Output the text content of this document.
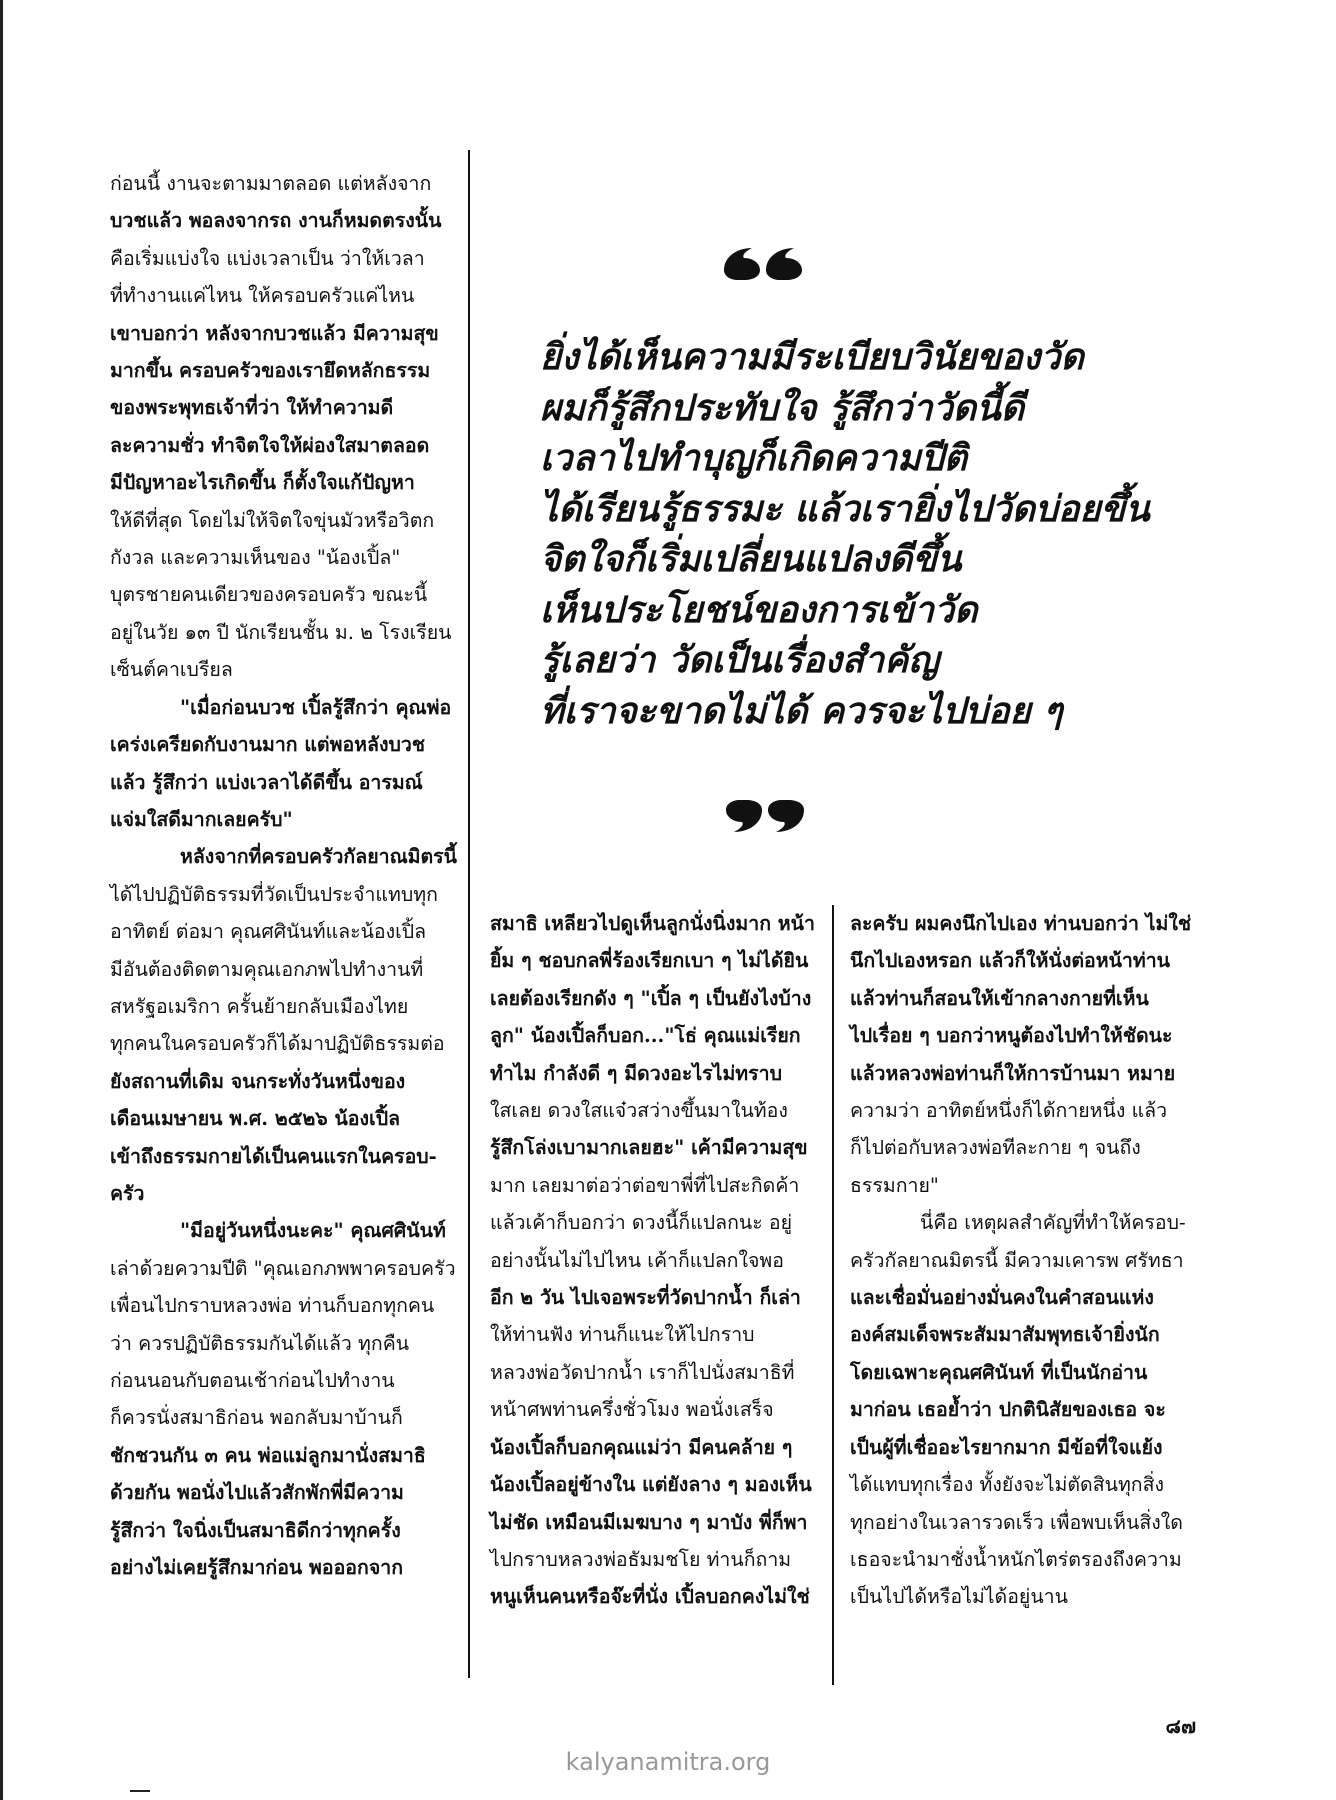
ก่อนนี้ งานจะตามมาตลอด แต่หลังจาก
บวชแล้ว พอลงจากรถ งานก็หมดตรงนั้น
คือเริ่มแบ่งใจ แบ่งเวลาเป็น ว่าให้เวลา
ที่ทำงานแค่ไหน ให้ครอบครัวแค่ไหน
เขาบอกว่า หลังจากบวชแล้ว มีความสุข
มากขึ้น ครอบครัวของเรายึดหลักธรรม
ของพระพุทธเจ้าที่ว่า ให้ทำความดี
ละความชั่ว ทำจิตใจให้ผ่องใสมาตลอด
มีปัญหาอะไรเกิดขึ้น ก็ตั้งใจแก้ปัญหา
ให้ดีที่สุด โดยไม่ให้จิตใจขุ่นมัวหรือวิตก
กังวล และความเห็นของ "น้องเปิ้ล"
บุตรชายคนเดียวของครอบครัว ขณะนี้
อยู่ในวัย ๑๓ ปี นักเรียนชั้น ม. ๒ โรงเรียน
เซ็นต์คาเบรียล
"เมื่อก่อนบวช เปิ้ลรู้สึกว่า คุณพ่อ
เคร่งเครียดกับงานมาก แต่พอหลังบวช
แล้ว รู้สึกว่า แบ่งเวลาได้ดีขึ้น อารมณ์
แจ่มใสดีมากเลยครับ"
หลังจากที่ครอบครัวกัลยาณมิตรนี้
ได้ไปปฏิบัติธรรมที่วัดเป็นประจำแทบทุก
อาทิตย์ ต่อมา คุณศศินันท์และน้องเปิ้ล
มีอันต้องติดตามคุณเอกภพไปทำงานที่
สหรัฐอเมริกา ครั้นย้ายกลับเมืองไทย
ทุกคนในครอบครัวก็ได้มาปฏิบัติธรรมต่อ
ยังสถานที่เดิม จนกระทั่งวันหนึ่งของ
เดือนเมษายน พ.ศ. ๒๕๒๖ น้องเปิ้ล
เข้าถึงธรรมกายได้เป็นคนแรกในครอบ-
ครัว
"มีอยู่วันหนึ่งนะคะ" คุณศศินันท์
เล่าด้วยความปีติ "คุณเอกภพพาครอบครัว
เพื่อนไปกราบหลวงพ่อ ท่านก็บอกทุกคน
ว่า ควรปฏิบัติธรรมกันได้แล้ว ทุกคืน
ก่อนนอนกับตอนเช้าก่อนไปทำงาน
ก็ควรนั่งสมาธิก่อน พอกลับมาบ้านก็
ชักชวนกัน ๓ คน พ่อแม่ลูกมานั่งสมาธิ
ด้วยกัน พอนั่งไปแล้วสักพักพี่มีความ
รู้สึกว่า ใจนิ่งเป็นสมาธิดีกว่าทุกครั้ง
อย่างไม่เคยรู้สึกมาก่อน พอออกจาก
ยิ่งได้เห็นความมีระเบียบวินัยของวัด
ผมก็รู้สึกประทับใจ รู้สึกว่าวัดนี้ดี
เวลาไปทำบุญก็เกิดความปีติ
ได้เรียนรู้ธรรมะ แล้วเรายิ่งไปวัดบ่อยขึ้น
จิตใจก็เริ่มเปลี่ยนแปลงดีขึ้น
เห็นประโยชน์ของการเข้าวัด
รู้เลยว่า วัดเป็นเรื่องสำคัญ
ที่เราจะขาดไม่ได้ ควรจะไปบ่อย ๆ
สมาธิ เหลียวไปดูเห็นลูกนั่งนิ่งมาก หน้า
ยิ้ม ๆ ชอบกลพี่ร้องเรียกเบา ๆ ไม่ได้ยิน
เลยต้องเรียกดัง ๆ "เปิ้ล ๆ เป็นยังไงบ้าง
ลูก" น้องเปิ้ลก็บอก..."โธ่ คุณแม่เรียก
ทำไม กำลังดี ๆ มีดวงอะไรไม่ทราบ
ใสเลย ดวงใสแจ๋วสว่างขึ้นมาในท้อง
รู้สึกโล่งเบามากเลยฮะ" เค้ามีความสุข
มาก เลยมาต่อว่าต่อขาพี่ที่ไปสะกิดค้า
แล้วเค้าก็บอกว่า ดวงนี้ก็แปลกนะ อยู่
อย่างนั้นไม่ไปไหน เค้าก็แปลกใจพอ
อีก ๒ วัน ไปเจอพระที่วัดปากน้ำ ก็เล่า
ให้ท่านฟัง ท่านก็แนะให้ไปกราบ
หลวงพ่อวัดปากน้ำ เราก็ไปนั่งสมาธิที่
หน้าศพท่านครึ่งชั่วโมง พอนั่งเสร็จ
น้องเปิ้ลก็บอกคุณแม่ว่า มีคนคล้าย ๆ
น้องเปิ้ลอยู่ข้างใน แต่ยังลาง ๆ มองเห็น
ไม่ชัด เหมือนมีเมฆบาง ๆ มาบัง พี่ก็พา
ไปกราบหลวงพ่อธัมมชโย ท่านก็ถาม
หนูเห็นคนหรือจ๊ะที่นั่ง เปิ้ลบอกคงไม่ใช่
ละครับ ผมคงนึกไปเอง ท่านบอกว่า ไม่ใช่
นึกไปเองหรอก แล้วก็ให้นั่งต่อหน้าท่าน
แล้วท่านก็สอนให้เข้ากลางกายที่เห็น
ไปเรื่อย ๆ บอกว่าหนูต้องไปทำให้ชัดนะ
แล้วหลวงพ่อท่านก็ให้การบ้านมา หมาย
ความว่า อาทิตย์หนึ่งก็ได้กายหนึ่ง แล้ว
ก็ไปต่อกับหลวงพ่อทีละกาย ๆ จนถึง
ธรรมกาย"
นี่คือ เหตุผลสำคัญที่ทำให้ครอบ-
ครัวกัลยาณมิตรนี้ มีความเคารพ ศรัทธา
และเชื่อมั่นอย่างมั่นคงในคำสอนแห่ง
องค์สมเด็จพระสัมมาสัมพุทธเจ้ายิ่งนัก
โดยเฉพาะคุณศศินันท์ ที่เป็นนักอ่าน
มาก่อน เธอย้ำว่า ปกตินิสัยของเธอ จะ
เป็นผู้ที่เชื่ออะไรยากมาก มีข้อที่ใจแย้ง
ได้แทบทุกเรื่อง ทั้งยังจะไม่ตัดสินทุกสิ่ง
ทุกอย่างในเวลารวดเร็ว เพื่อพบเห็นสิ่งใด
เธอจะนำมาชั่งน้ำหนักไตร่ตรองถึงความ
เป็นไปได้หรือไม่ได้อยู่นาน
๘๗
kalyanamitra.org
